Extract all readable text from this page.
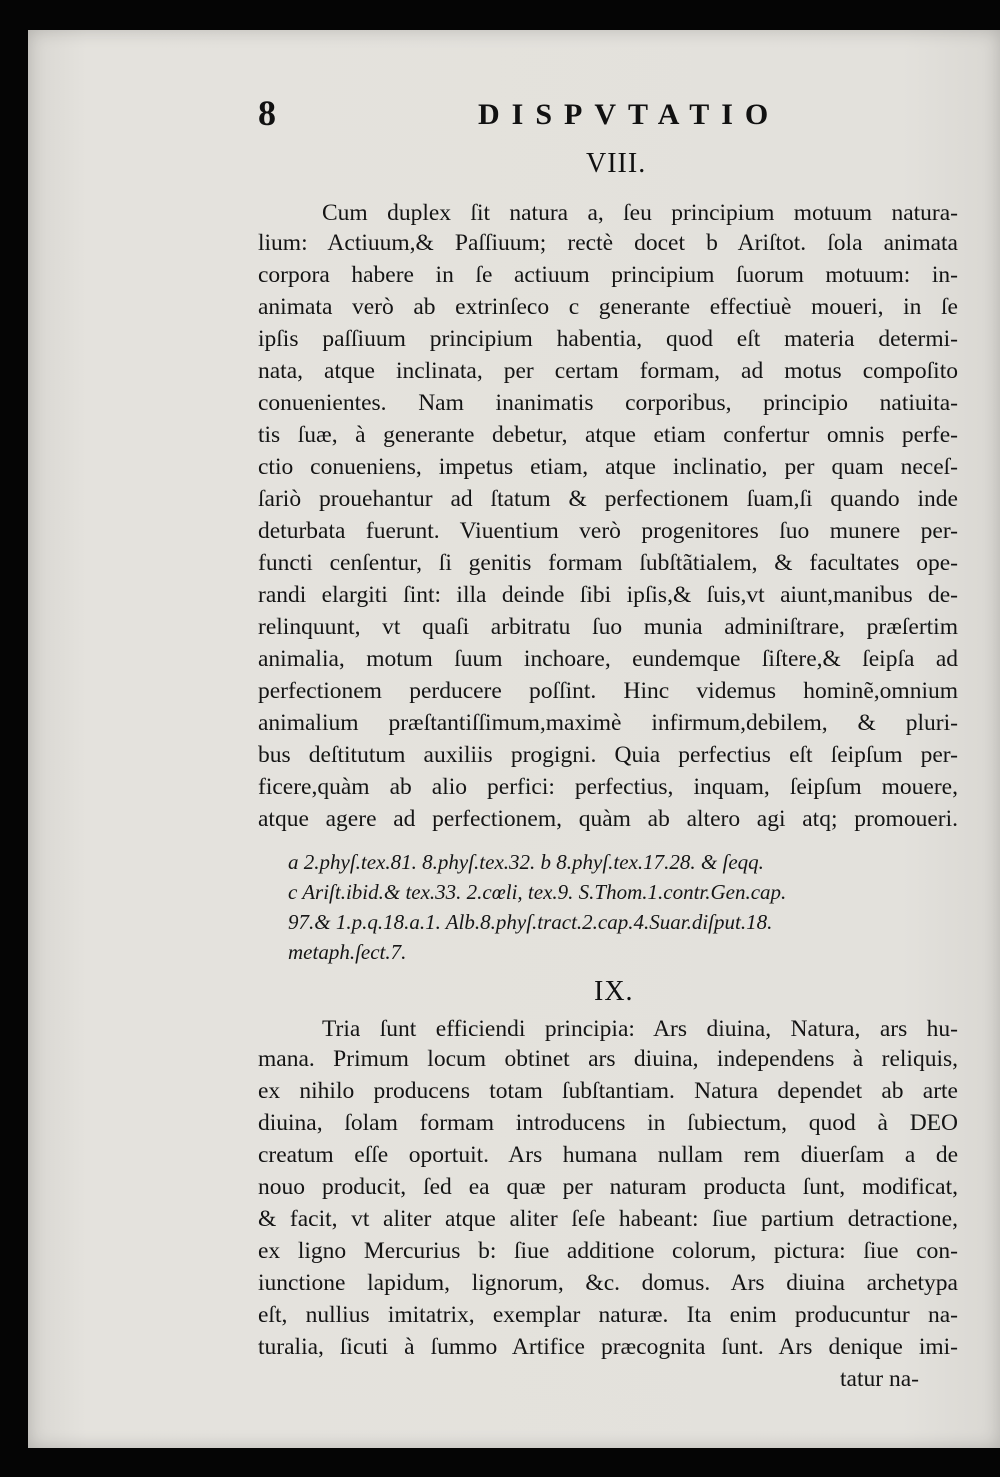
8	DISPVTATIO
VIII.
Cum duplex ſit natura a, ſeu principium motuum natura-
lium: Actiuum,& Paſſiuum; rectè docet b Ariſtot. ſola animata
corpora habere in ſe actiuum principium ſuorum motuum: in-
animata verò ab extrinſeco c generante effectiuè moueri, in ſe
ipſis paſſiuum principium habentia, quod eſt materia determi-
nata, atque inclinata, per certam formam, ad motus compoſito
conuenientes. Nam inanimatis corporibus, principio natiuita-
tis ſuæ, à generante debetur, atque etiam confertur omnis perfe-
ctio conueniens, impetus etiam, atque inclinatio, per quam neceſ-
ſariò prouehantur ad ſtatum & perfectionem ſuam,ſi quando inde
deturbata fuerunt. Viuentium verò progenitores ſuo munere per-
functi cenſentur, ſi genitis formam ſubſtãtialem, & facultates ope-
randi elargiti ſint: illa deinde ſibi ipſis,& ſuis,vt aiunt,manibus de-
relinquunt, vt quaſi arbitratu ſuo munia adminiſtrare, præſertim
animalia, motum ſuum inchoare, eundemque ſiſtere,& ſeipſa ad
perfectionem perducere poſſint. Hinc videmus hominẽ,omnium
animalium præſtantiſſimum,maximè infirmum,debilem, & pluri-
bus deſtitutum auxiliis progigni. Quia perfectius eſt ſeipſum per-
ficere,quàm ab alio perfici: perfectius, inquam, ſeipſum mouere,
atque agere ad perfectionem, quàm ab altero agi atq; promoueri.
a 2.phyſ.tex.81. 8.phyſ.tex.32. b 8.phyſ.tex.17.28. & ſeqq.
c Ariſt.ibid.& tex.33. 2.cœli, tex.9. S.Thom.1.contr.Gen.cap.
97.& 1.p.q.18.a.1. Alb.8.phyſ.tract.2.cap.4.Suar.diſput.18.
metaph.ſect.7.
IX.
Tria ſunt efficiendi principia: Ars diuina, Natura, ars hu-
mana. Primum locum obtinet ars diuina, independens à reliquis,
ex nihilo producens totam ſubſtantiam. Natura dependet ab arte
diuina, ſolam formam introducens in ſubiectum, quod à DEO
creatum eſſe oportuit. Ars humana nullam rem diuerſam a de
nouo producit, ſed ea quæ per naturam producta ſunt, modificat,
& facit, vt aliter atque aliter ſeſe habeant: ſiue partium detractione,
ex ligno Mercurius b: ſiue additione colorum, pictura: ſiue con-
iunctione lapidum, lignorum, &c. domus. Ars diuina archetypa
eſt, nullius imitatrix, exemplar naturæ. Ita enim producuntur na-
turalia, ſicuti à ſummo Artifice præcognita ſunt. Ars denique imi-
tatur na-
